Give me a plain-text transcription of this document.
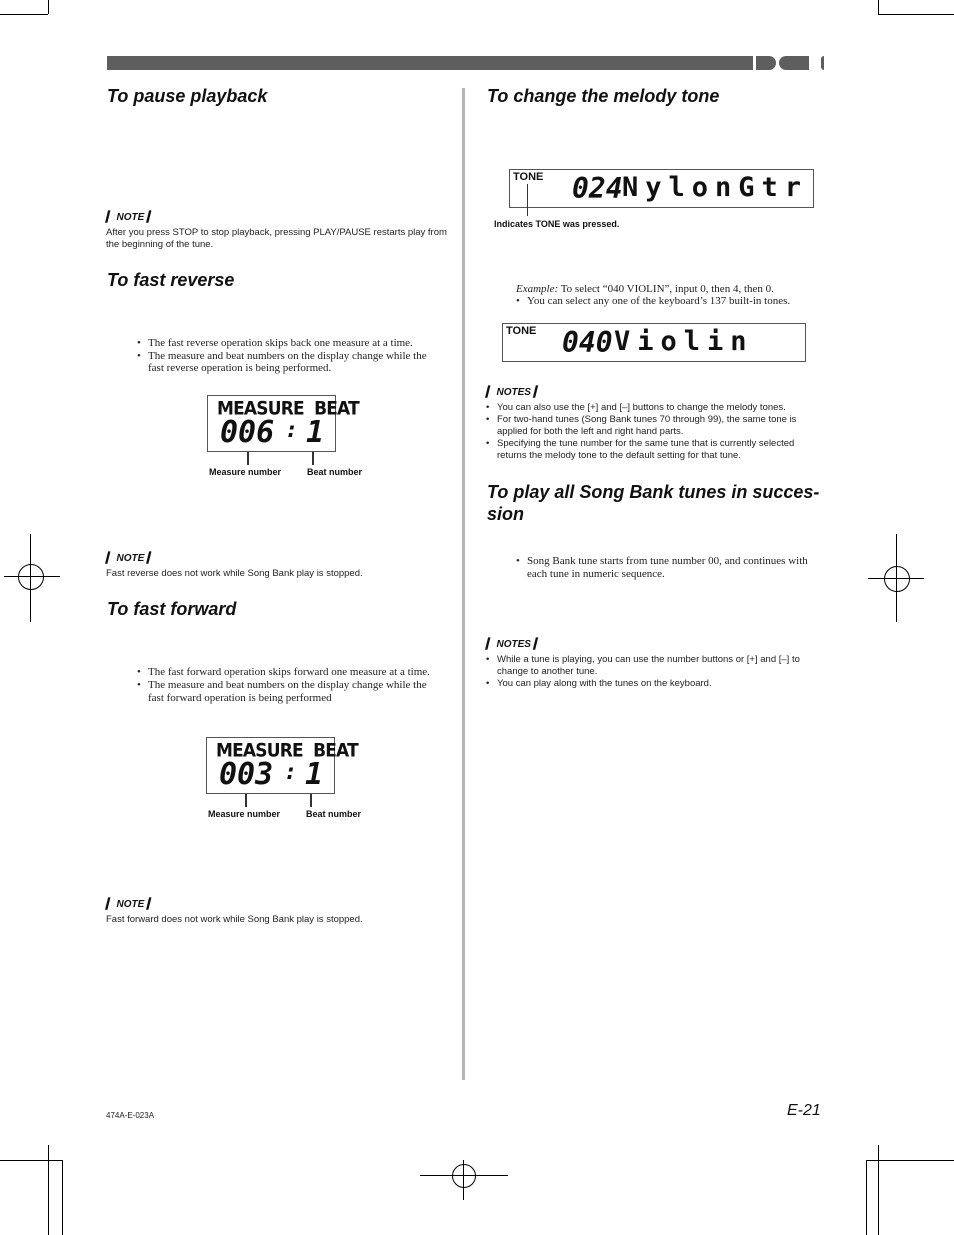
To pause playback
▎ NOTE ▎
After you press STOP to stop playback, pressing PLAY/PAUSE restarts play from the beginning of the tune.
To fast reverse
• The fast reverse operation skips back one measure at a time.
• The measure and beat numbers on the display change while the fast reverse operation is being performed.
MEASURE  BEAT
006 : 1
Measure number	Beat number
▎ NOTE ▎
Fast reverse does not work while Song Bank play is stopped.
To fast forward
• The fast forward operation skips forward one measure at a time.
• The measure and beat numbers on the display change while the fast forward operation is being performed
MEASURE  BEAT
003 : 1
Measure number	Beat number
▎ NOTE ▎
Fast forward does not work while Song Bank play is stopped.
To change the melody tone
TONE 024 NylonGtr
Indicates TONE was pressed.
Example: To select “040 VIOLIN”, input 0, then 4, then 0.
• You can select any one of the keyboard’s 137 built-in tones.
TONE 040 Violin
▎ NOTES ▎
• You can also use the [+] and [–] buttons to change the melody tones.
• For two-hand tunes (Song Bank tunes 70 through 99), the same tone is applied for both the left and right hand parts.
• Specifying the tune number for the same tune that is currently selected returns the melody tone to the default setting for that tune.
To play all Song Bank tunes in succes-sion
• Song Bank tune starts from tune number 00, and continues with each tune in numeric sequence.
▎ NOTES ▎
• While a tune is playing, you can use the number buttons or [+] and [–] to change to another tune.
• You can play along with the tunes on the keyboard.
474A-E-023A	E-21
